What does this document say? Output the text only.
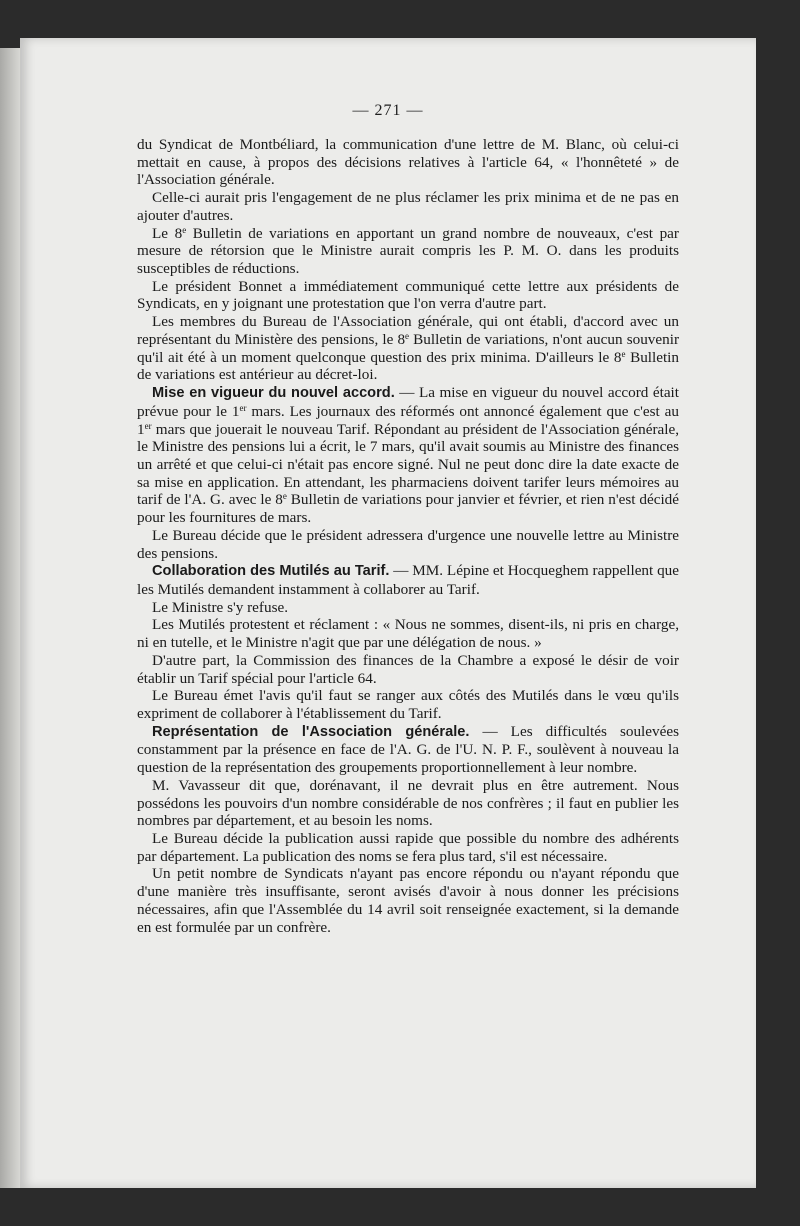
— 271 —

du Syndicat de Montbéliard, la communication d'une lettre de M. Blanc, où celui-ci mettait en cause, à propos des décisions relatives à l'article 64, « l'honnêteté » de l'Association générale.

Celle-ci aurait pris l'engagement de ne plus réclamer les prix minima et de ne pas en ajouter d'autres.

Le 8e Bulletin de variations en apportant un grand nombre de nouveaux, c'est par mesure de rétorsion que le Ministre aurait compris les P. M. O. dans les produits susceptibles de réductions.

Le président Bonnet a immédiatement communiqué cette lettre aux présidents de Syndicats, en y joignant une protestation que l'on verra d'autre part.

Les membres du Bureau de l'Association générale, qui ont établi, d'accord avec un représentant du Ministère des pensions, le 8e Bulletin de variations, n'ont aucun souvenir qu'il ait été à un moment quelconque question des prix minima. D'ailleurs le 8e Bulletin de variations est antérieur au décret-loi.

Mise en vigueur du nouvel accord. — La mise en vigueur du nouvel accord était prévue pour le 1er mars. Les journaux des réformés ont annoncé également que c'est au 1er mars que jouerait le nouveau Tarif. Répondant au président de l'Association générale, le Ministre des pensions lui a écrit, le 7 mars, qu'il avait soumis au Ministre des finances un arrêté et que celui-ci n'était pas encore signé. Nul ne peut donc dire la date exacte de sa mise en application. En attendant, les pharmaciens doivent tarifer leurs mémoires au tarif de l'A. G. avec le 8e Bulletin de variations pour janvier et février, et rien n'est décidé pour les fournitures de mars.

Le Bureau décide que le président adressera d'urgence une nouvelle lettre au Ministre des pensions.

Collaboration des Mutilés au Tarif. — MM. Lépine et Hocqueghem rappellent que les Mutilés demandent instamment à collaborer au Tarif.

Le Ministre s'y refuse.

Les Mutilés protestent et réclament : « Nous ne sommes, disent-ils, ni pris en charge, ni en tutelle, et le Ministre n'agit que par une délégation de nous. »

D'autre part, la Commission des finances de la Chambre a exposé le désir de voir établir un Tarif spécial pour l'article 64.

Le Bureau émet l'avis qu'il faut se ranger aux côtés des Mutilés dans le vœu qu'ils expriment de collaborer à l'établissement du Tarif.

Représentation de l'Association générale. — Les difficultés soulevées constamment par la présence en face de l'A. G. de l'U. N. P. F., soulèvent à nouveau la question de la représentation des groupements proportionnellement à leur nombre.

M. Vavasseur dit que, dorénavant, il ne devrait plus en être autrement. Nous possédons les pouvoirs d'un nombre considérable de nos confrères ; il faut en publier les nombres par département, et au besoin les noms.

Le Bureau décide la publication aussi rapide que possible du nombre des adhérents par département. La publication des noms se fera plus tard, s'il est nécessaire.

Un petit nombre de Syndicats n'ayant pas encore répondu ou n'ayant répondu que d'une manière très insuffisante, seront avisés d'avoir à nous donner les précisions nécessaires, afin que l'Assemblée du 14 avril soit renseignée exactement, si la demande en est formulée par un confrère.
